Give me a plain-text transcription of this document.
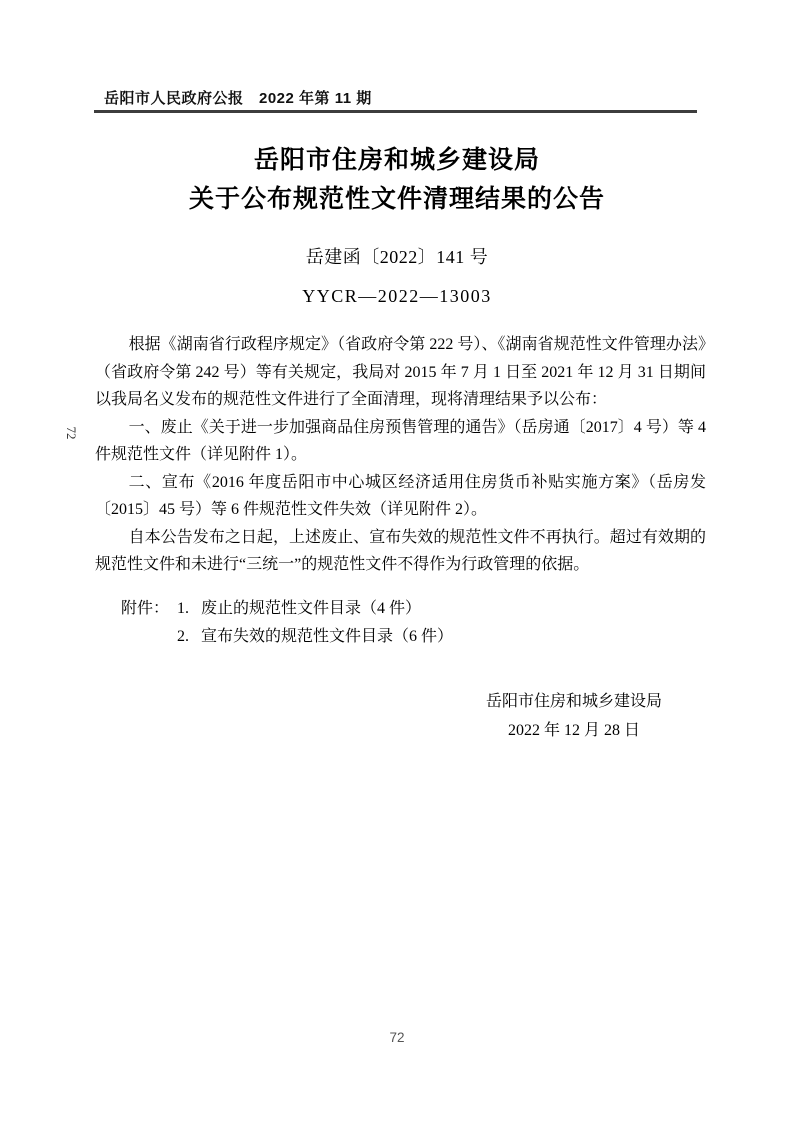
岳阳市人民政府公报　2022 年第 11 期
72
岳阳市住房和城乡建设局
关于公布规范性文件清理结果的公告
岳建函〔2022〕141 号
YYCR—2022—13003

根据《湖南省行政程序规定》（省政府令第 222 号）、《湖南省规范性文件管理办法》（省政府令第 242 号）等有关规定，我局对 2015 年 7 月 1 日至 2021 年 12 月 31 日期间以我局名义发布的规范性文件进行了全面清理，现将清理结果予以公布：

一、废止《关于进一步加强商品住房预售管理的通告》（岳房通〔2017〕4 号）等 4 件规范性文件（详见附件 1）。

二、宣布《2016 年度岳阳市中心城区经济适用住房货币补贴实施方案》（岳房发〔2015〕45 号）等 6 件规范性文件失效（详见附件 2）。

自本公告发布之日起，上述废止、宣布失效的规范性文件不再执行。超过有效期的规范性文件和未进行“三统一”的规范性文件不得作为行政管理的依据。

附件： 1. 废止的规范性文件目录（4 件）
2. 宣布失效的规范性文件目录（6 件）
岳阳市住房和城乡建设局
2022 年 12 月 28 日
72
